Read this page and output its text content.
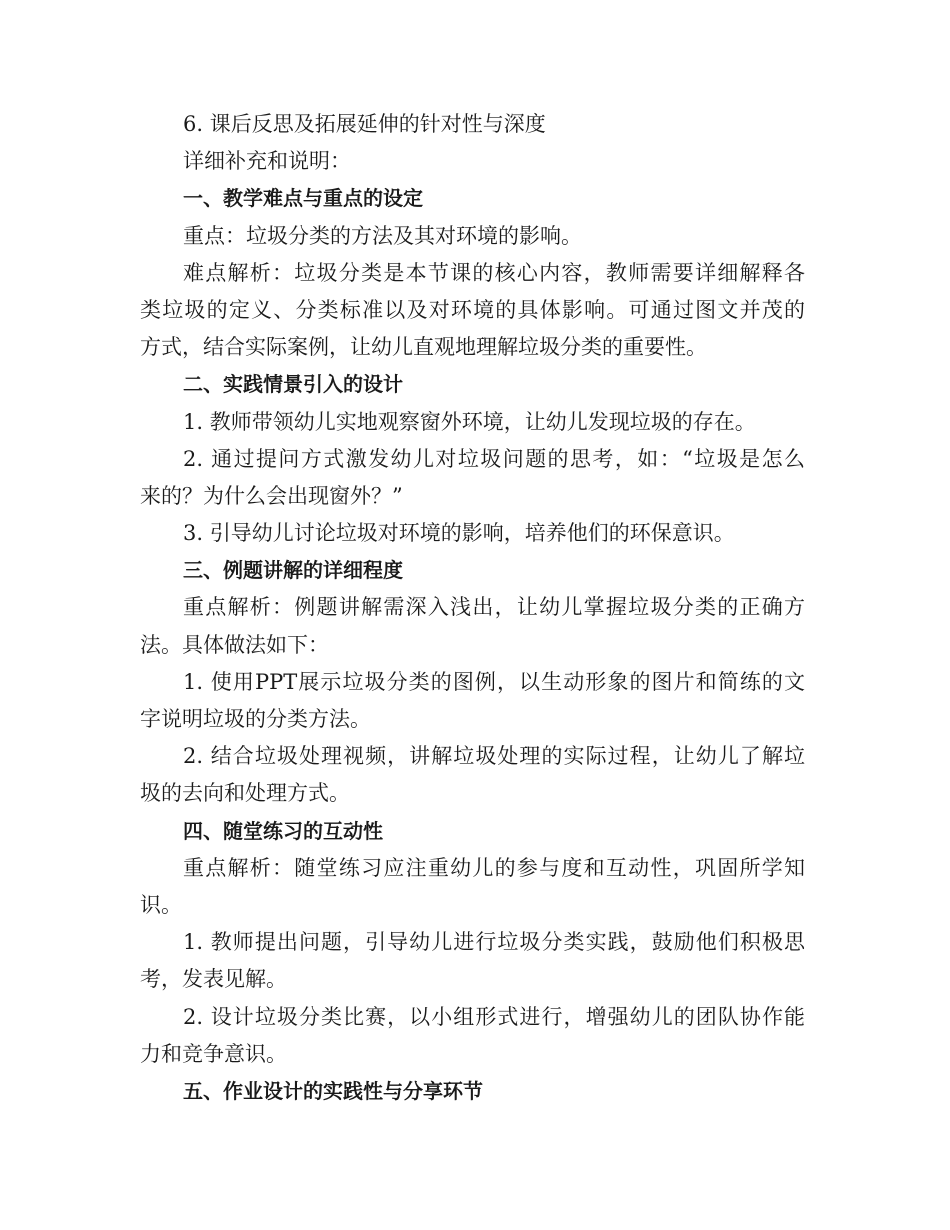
6. 课后反思及拓展延伸的针对性与深度

详细补充和说明：

一、教学难点与重点的设定

重点：垃圾分类的方法及其对环境的影响。

难点解析：垃圾分类是本节课的核心内容，教师需要详细解释各

类垃圾的定义、分类标准以及对环境的具体影响。可通过图文并茂的

方式，结合实际案例，让幼儿直观地理解垃圾分类的重要性。

二、实践情景引入的设计

1. 教师带领幼儿实地观察窗外环境，让幼儿发现垃圾的存在。

2. 通过提问方式激发幼儿对垃圾问题的思考，如：“垃圾是怎么

来的？为什么会出现窗外？”

3. 引导幼儿讨论垃圾对环境的影响，培养他们的环保意识。

三、例题讲解的详细程度

重点解析：例题讲解需深入浅出，让幼儿掌握垃圾分类的正确方

法。具体做法如下：

1. 使用PPT展示垃圾分类的图例，以生动形象的图片和简练的文

字说明垃圾的分类方法。

2. 结合垃圾处理视频，讲解垃圾处理的实际过程，让幼儿了解垃

圾的去向和处理方式。

四、随堂练习的互动性

重点解析：随堂练习应注重幼儿的参与度和互动性，巩固所学知

识。

1. 教师提出问题，引导幼儿进行垃圾分类实践，鼓励他们积极思

考，发表见解。

2. 设计垃圾分类比赛，以小组形式进行，增强幼儿的团队协作能

力和竞争意识。

五、作业设计的实践性与分享环节
